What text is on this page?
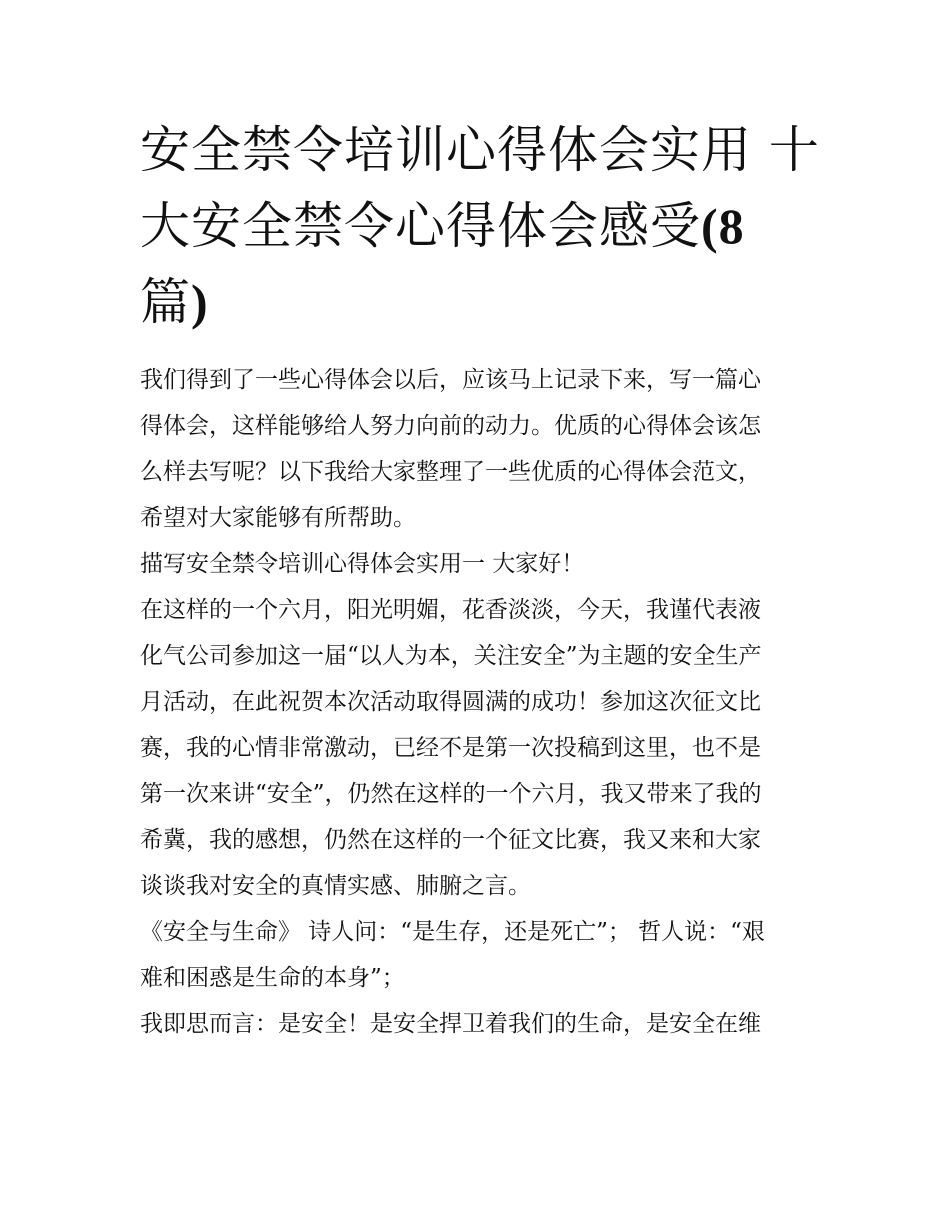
安全禁令培训心得体会实用 十
大安全禁令心得体会感受(8
篇)

我们得到了一些心得体会以后，应该马上记录下来，写一篇心
得体会，这样能够给人努力向前的动力。优质的心得体会该怎
么样去写呢？以下我给大家整理了一些优质的心得体会范文，
希望对大家能够有所帮助。

描写安全禁令培训心得体会实用一 大家好！

在这样的一个六月，阳光明媚，花香淡淡，今天，我谨代表液
化气公司参加这一届“以人为本，关注安全”为主题的安全生产
月活动，在此祝贺本次活动取得圆满的成功！参加这次征文比
赛，我的心情非常激动，已经不是第一次投稿到这里，也不是
第一次来讲“安全”，仍然在这样的一个六月，我又带来了我的
希冀，我的感想，仍然在这样的一个征文比赛，我又来和大家
谈谈我对安全的真情实感、肺腑之言。

《安全与生命》 诗人问：“是生存，还是死亡”； 哲人说：“艰
难和困惑是生命的本身”；

我即思而言：是安全！是安全捍卫着我们的生命，是安全在维
